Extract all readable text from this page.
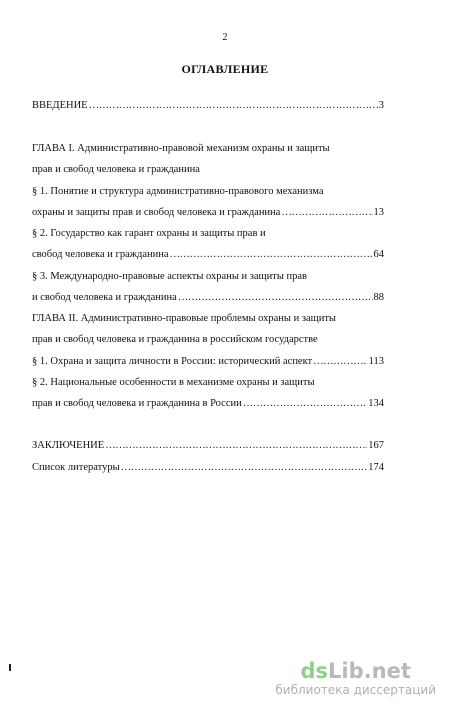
2
ОГЛАВЛЕНИЕ
ВВЕДЕНИЕ …………………………………………………………………………………………………………………………………………	3
ГЛАВА I. Административно-правовой механизм охраны и защиты
прав и свобод человека и гражданина
§ 1. Понятие и структура административно-правового механизма
охраны и защиты прав и свобод человека и гражданина …………………………………………………………………………………………………………………………………………	13
§ 2. Государство как гарант охраны и защиты прав и
свобод человека и гражданина …………………………………………………………………………………………………………………………………………	64
§ 3. Международно-правовые аспекты охраны и защиты прав
и свобод человека и гражданина …………………………………………………………………………………………………………………………………………	88
ГЛАВА II. Административно-правовые проблемы охраны и защиты
прав и свобод человека и гражданина в российском государстве
§ 1. Охрана и защита личности в России: исторический аспект …………………………………………………………………………………………………………………………………………	113
§ 2. Национальные особенности в механизме охраны и защиты
прав и свобод человека и гражданина в России …………………………………………………………………………………………………………………………………………	134
ЗАКЛЮЧЕНИЕ …………………………………………………………………………………………………………………………………………	167
Список литературы …………………………………………………………………………………………………………………………………………	174
dsLib.net
библиотека диссертаций
